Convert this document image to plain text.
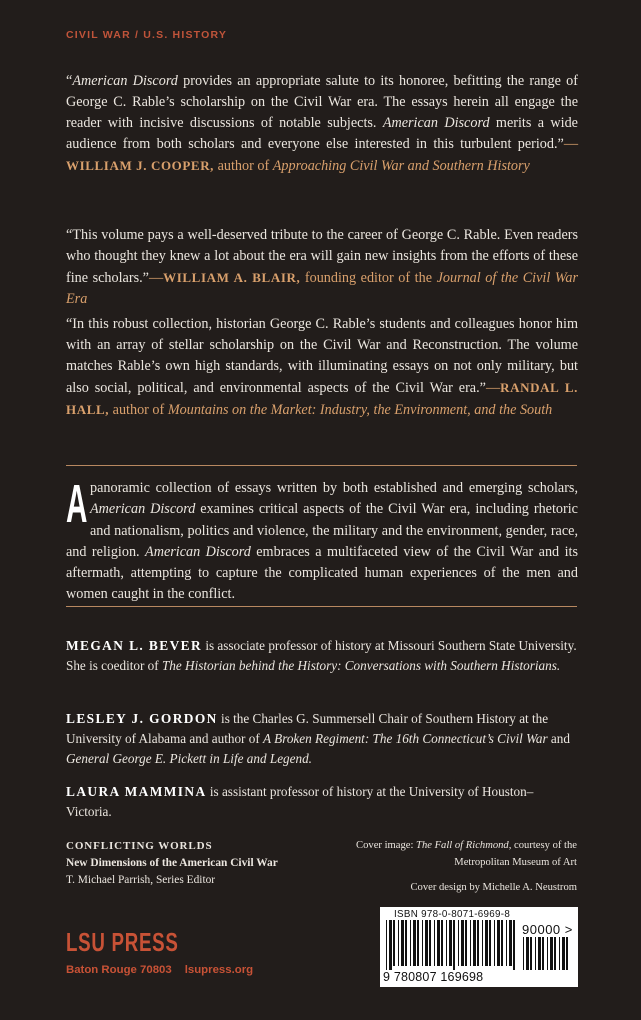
CIVIL WAR / U.S. HISTORY
“American Discord provides an appropriate salute to its honoree, befitting the range of George C. Rable’s scholarship on the Civil War era. The essays herein all engage the reader with incisive discussions of notable subjects. American Discord merits a wide audience from both scholars and everyone else interested in this turbulent period.”—WILLIAM J. COOPER, author of Approaching Civil War and Southern History
“This volume pays a well-deserved tribute to the career of George C. Rable. Even readers who thought they knew a lot about the era will gain new insights from the efforts of these fine scholars.”—WILLIAM A. BLAIR, founding editor of the Journal of the Civil War Era
“In this robust collection, historian George C. Rable’s students and colleagues honor him with an array of stellar scholarship on the Civil War and Reconstruction. The volume matches Rable’s own high standards, with illuminating essays on not only military, but also social, political, and environmental aspects of the Civil War era.”—RANDAL L. HALL, author of Mountains on the Market: Industry, the Environment, and the South
A panoramic collection of essays written by both established and emerging scholars, American Discord examines critical aspects of the Civil War era, including rhetoric and nationalism, politics and violence, the military and the environment, gender, race, and religion. American Discord embraces a multifaceted view of the Civil War and its aftermath, attempting to capture the complicated human experiences of the men and women caught in the conflict.
MEGAN L. BEVER is associate professor of history at Missouri Southern State University. She is coeditor of The Historian behind the History: Conversations with Southern Historians.
LESLEY J. GORDON is the Charles G. Summersell Chair of Southern History at the University of Alabama and author of A Broken Regiment: The 16th Connecticut’s Civil War and General George E. Pickett in Life and Legend.
LAURA MAMMINA is assistant professor of history at the University of Houston–Victoria.
CONFLICTING WORLDS
New Dimensions of the American Civil War
T. Michael Parrish, Series Editor
Cover image: The Fall of Richmond, courtesy of the Metropolitan Museum of Art
Cover design by Michelle A. Neustrom
LSU PRESS
Baton Rouge 70803 lsupress.org
ISBN 978-0-8071-6969-8
90000 >
9 780807 169698
